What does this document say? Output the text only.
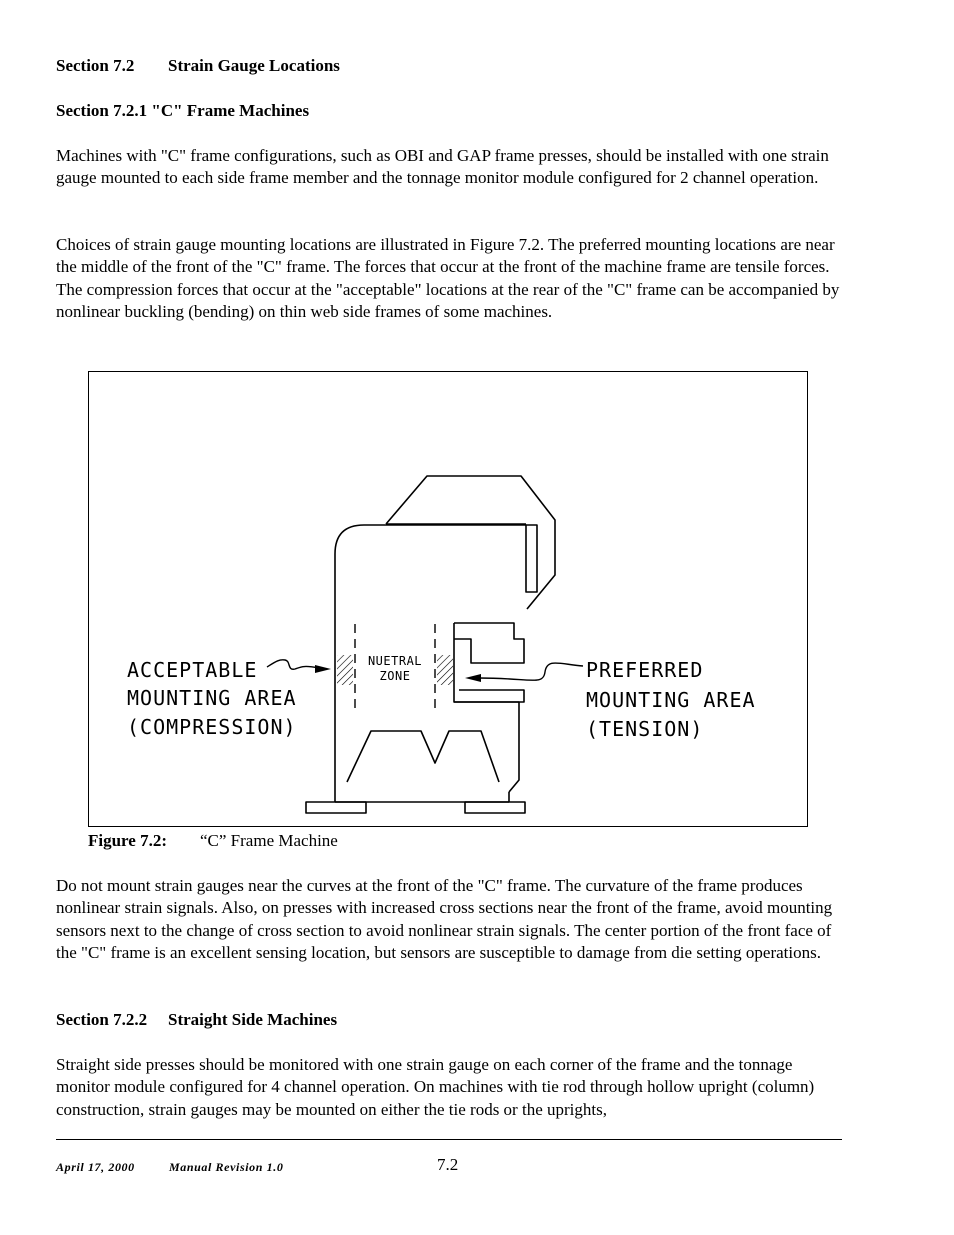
Section 7.2 Strain Gauge Locations
Section 7.2.1 "C" Frame Machines
Machines with "C" frame configurations, such as OBI and GAP frame presses, should be installed with one strain gauge mounted to each side frame member and the tonnage monitor module configured for 2 channel operation.
Choices of strain gauge mounting locations are illustrated in Figure 7.2. The preferred mounting locations are near the middle of the front of the "C" frame. The forces that occur at the front of the machine frame are tensile forces. The compression forces that occur at the "acceptable" locations at the rear of the "C" frame can be accompanied by nonlinear buckling (bending) on thin web side frames of some machines.
ACCEPTABLE
MOUNTING AREA
(COMPRESSION)
PREFERRED
MOUNTING AREA
(TENSION)
NUETRAL
ZONE
Figure 7.2: “C” Frame Machine
Do not mount strain gauges near the curves at the front of the "C" frame. The curvature of the frame produces nonlinear strain signals. Also, on presses with increased cross sections near the front of the frame, avoid mounting sensors next to the change of cross section to avoid nonlinear strain signals. The center portion of the front face of the "C" frame is an excellent sensing location, but sensors are susceptible to damage from die setting operations.
Section 7.2.2 Straight Side Machines
Straight side presses should be monitored with one strain gauge on each corner of the frame and the tonnage monitor module configured for 4 channel operation. On machines with tie rod through hollow upright (column) construction, strain gauges may be mounted on either the tie rods or the uprights,
April 17, 2000	Manual Revision 1.0	7.2
